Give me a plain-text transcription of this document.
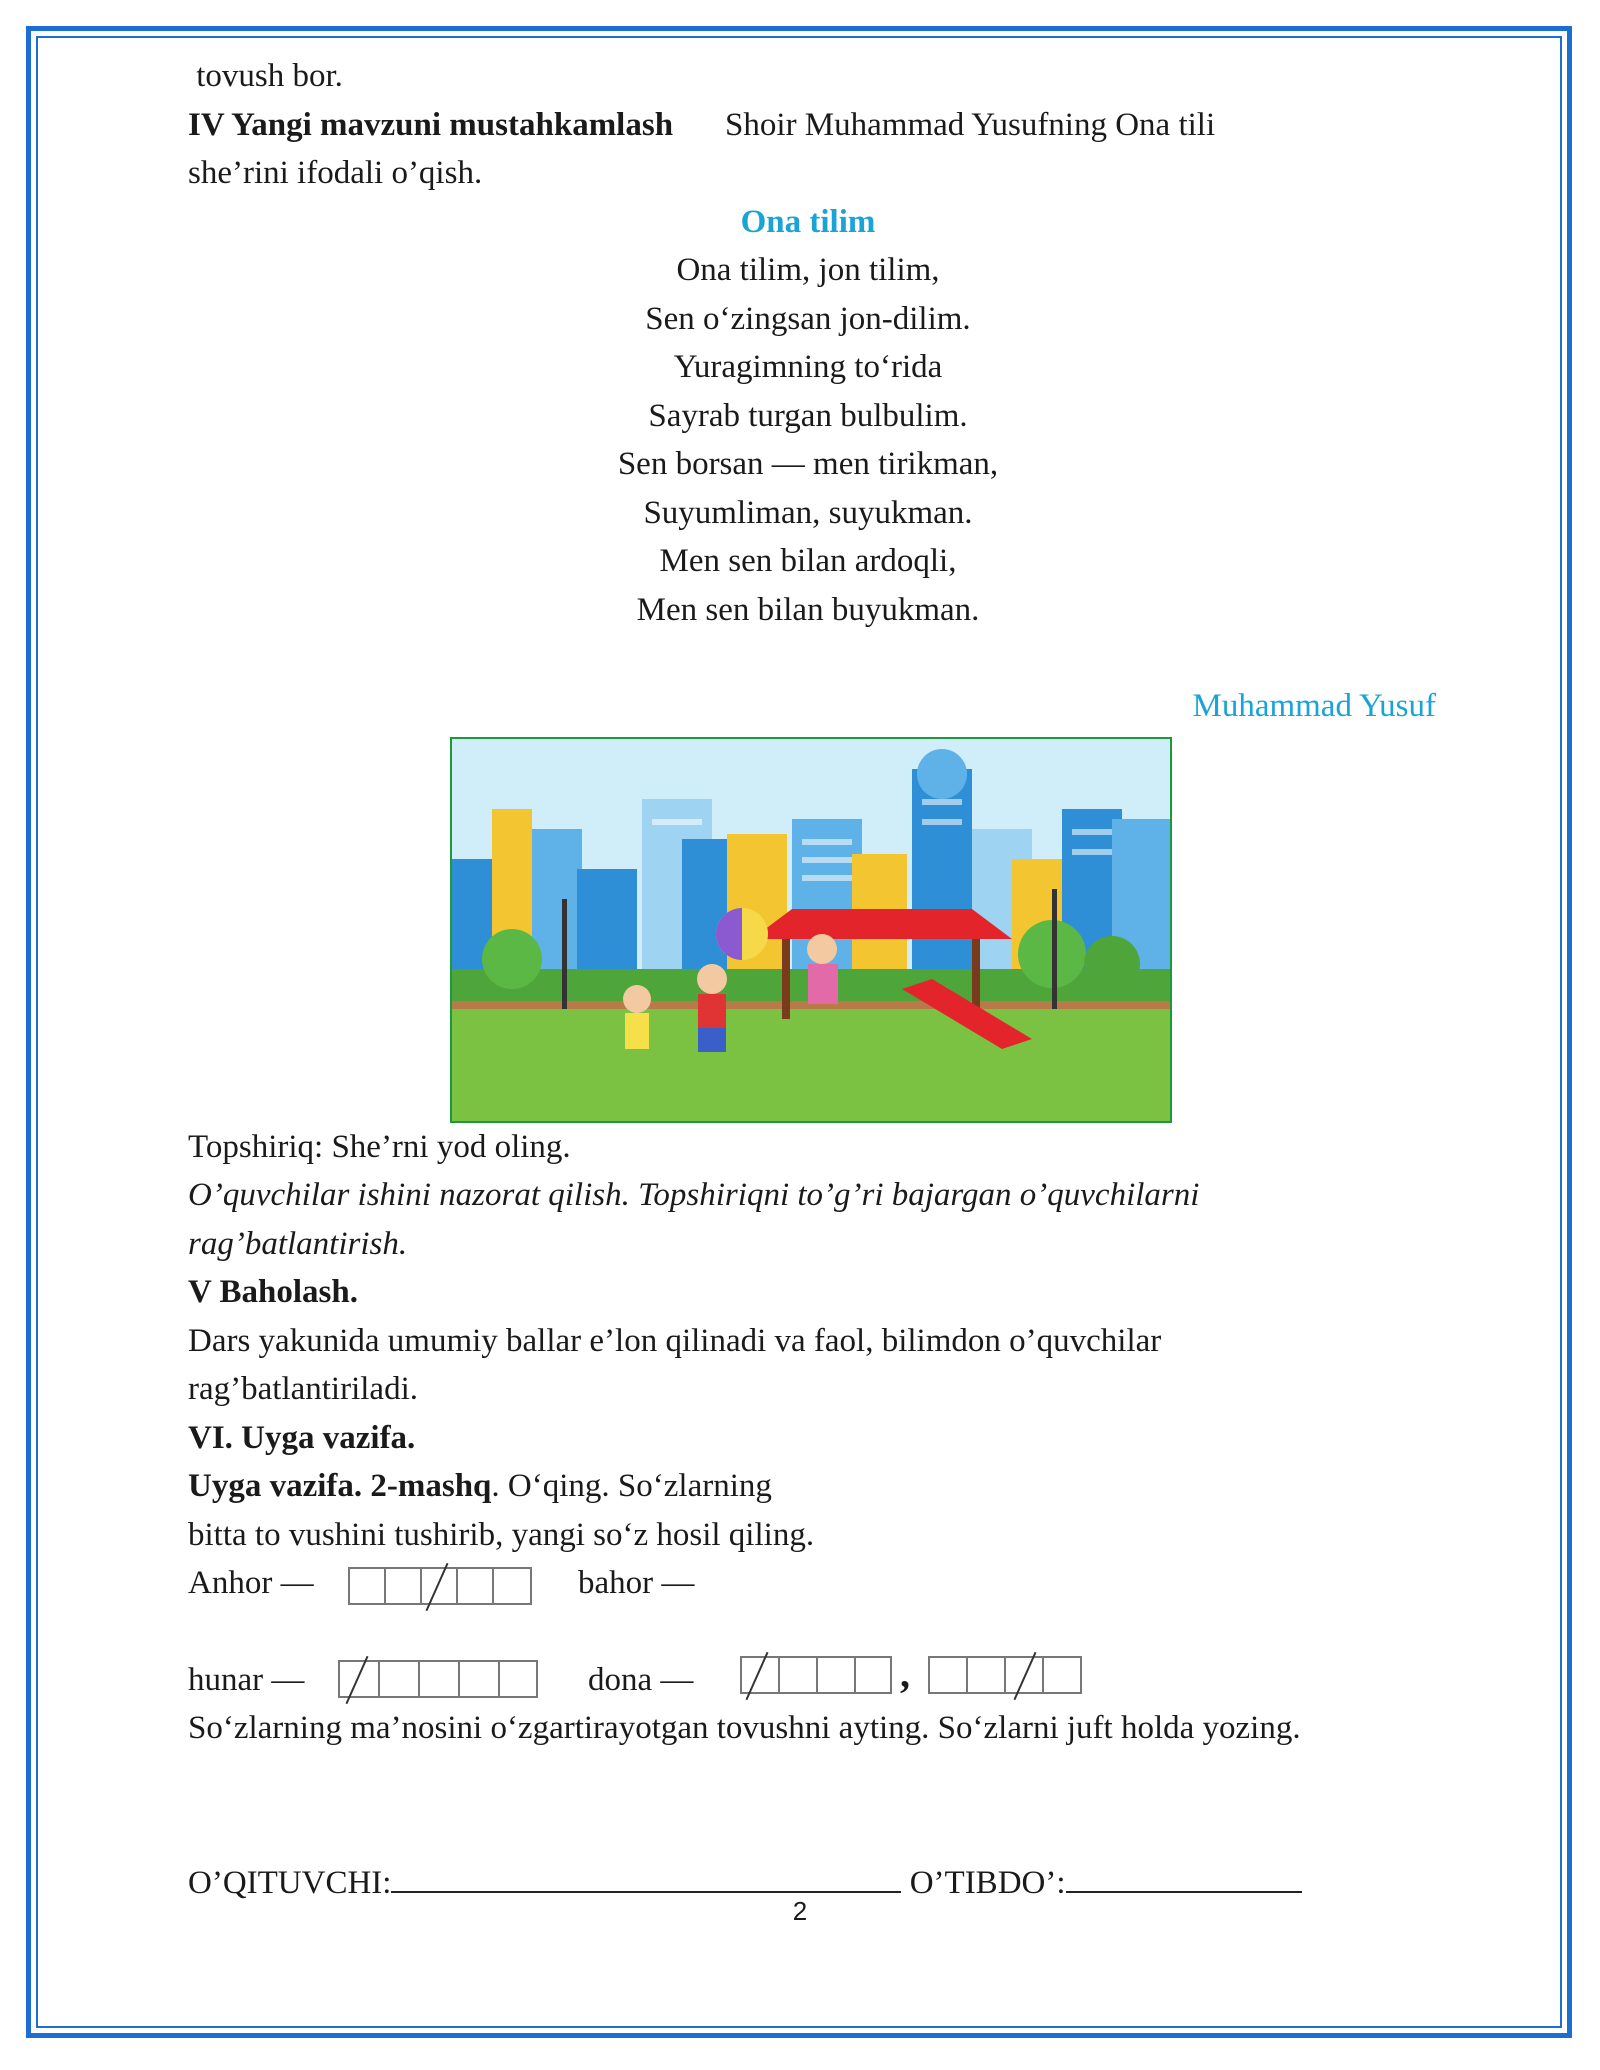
tovush bor.
IV Yangi mavzuni mustahkamlash Shoir Muhammad Yusufning Ona tili
she’rini ifodali o’qish.
Ona tilim
Ona tilim, jon tilim,
Sen oʻzingsan jon-dilim.
Yuragimning toʻrida
Sayrab turgan bulbulim.
Sen borsan — men tirikman,
Suyumliman, suyukman.
Men sen bilan ardoqli,
Men sen bilan buyukman.
Muhammad Yusuf
Topshiriq: She’rni yod oling.
O’quvchilar ishini nazorat qilish. Topshiriqni to’g’ri bajargan o’quvchilarni
rag’batlantirish.
V Baholash.
Dars yakunida umumiy ballar e’lon qilinadi va faol, bilimdon o’quvchilar
rag’batlantiriladi.
VI. Uyga vazifa.
Uyga vazifa. 2-mashq. Oʻqing. Soʻzlarning
bitta to vushini tushirib, yangi soʻz hosil qiling.
Anhor —	bahor —
hunar —	dona —	,
Soʻzlarning ma’nosini oʻzgartirayotgan tovushni ayting. Soʻzlarni juft holda yozing.
O’QITUVCHI:	O’TIBDO’:
2
